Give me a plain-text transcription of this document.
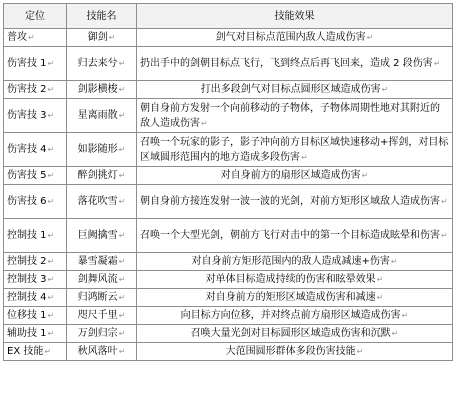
定位	技能名	技能效果
普攻↵	御剑↵	剑气对目标点范围内敌人造成伤害↵
伤害技 1↵	归去来兮↵	扔出手中的剑朝目标点飞行，飞到终点后再飞回来，造成 2 段伤害↵
伤害技 2↵	剑影横梭↵	打出多段剑气对目标点圆形区域造成伤害↵
伤害技 3↵	星离雨散↵	朝自身前方发射一个向前移动的子物体，子物体周期性地对其附近的敌人造成伤害↵
伤害技 4↵	如影随形↵	召唤一个玩家的影子，影子冲向前方目标区域快速移动+挥剑，对目标区域圆形范围内的地方造成多段伤害↵
伤害技 5↵	醉剑挑灯↵	对自身前方的扇形区域造成伤害↵
伤害技 6↵	落花吹雪↵	朝自身前方接连发射一波一波的光剑，对前方矩形区域敌人造成伤害↵
控制技 1↵	巨阙擒雪↵	召唤一个大型光剑，朝前方飞行对击中的第一个目标造成眩晕和伤害↵
控制技 2↵	暴雪凝霜↵	对自身前方矩形范围内的敌人造成减速+伤害↵
控制技 3↵	剑舞风流↵	对单体目标造成持续的伤害和眩晕效果↵
控制技 4↵	归鸿断云↵	对自身前方的矩形区域造成伤害和减速↵
位移技 1↵	咫尺千里↵	向目标方向位移，并对终点前方扇形区域造成伤害↵
辅助技 1↵	万剑归宗↵	召唤大量光剑对目标圆形区域造成伤害和沉默↵
EX 技能↵	秋风落叶↵	大范围圆形群体多段伤害技能↵
